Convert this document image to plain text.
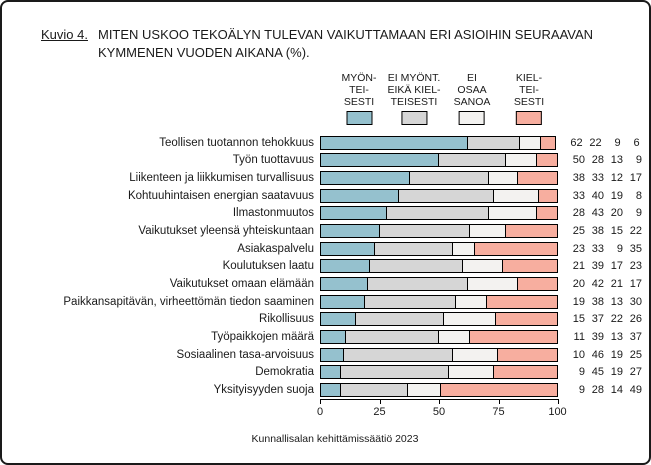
Kuvio 4. MITEN USKOO TEKOÄLYN TULEVAN VAIKUTTAMAAN ERI ASIOIHIN SEURAAVAN
KYMMENEN VUODEN AIKANA (%).
MYÖN-
TEI-
SESTI
EI MYÖNT.
EIKÄ KIEL-
TEISESTI
EI
OSAA
SANOA
KIEL-
TEI-
SESTI
Teollisen tuotannon tehokkuus	62 22	9	6
Työn tuottavuus	50 28 13	9
Liikenteen ja liikkumisen turvallisuus	38 33 12 17
Kohtuuhintaisen energian saatavuus	33 40 19	8
Ilmastonmuutos	28 43 20	9
Vaikutukset yleensä yhteiskuntaan	25 38 15 22
Asiakaspalvelu	23 33	9 35
Koulutuksen laatu	21 39 17 23
Vaikutukset omaan elämään	20 42 21 17
Paikkansapitävän, virheettömän tiedon saaminen	19 38 13 30
Rikollisuus	15 37 22 26
Työpaikkojen määrä	11 39 13 37
Sosiaalinen tasa-arvoisuus	10 46 19 25
Demokratia	9 45 19 27
Yksityisyyden suoja	9 28 14 49
0	25	50	75	100
Kunnallisalan kehittämissäätiö 2023
